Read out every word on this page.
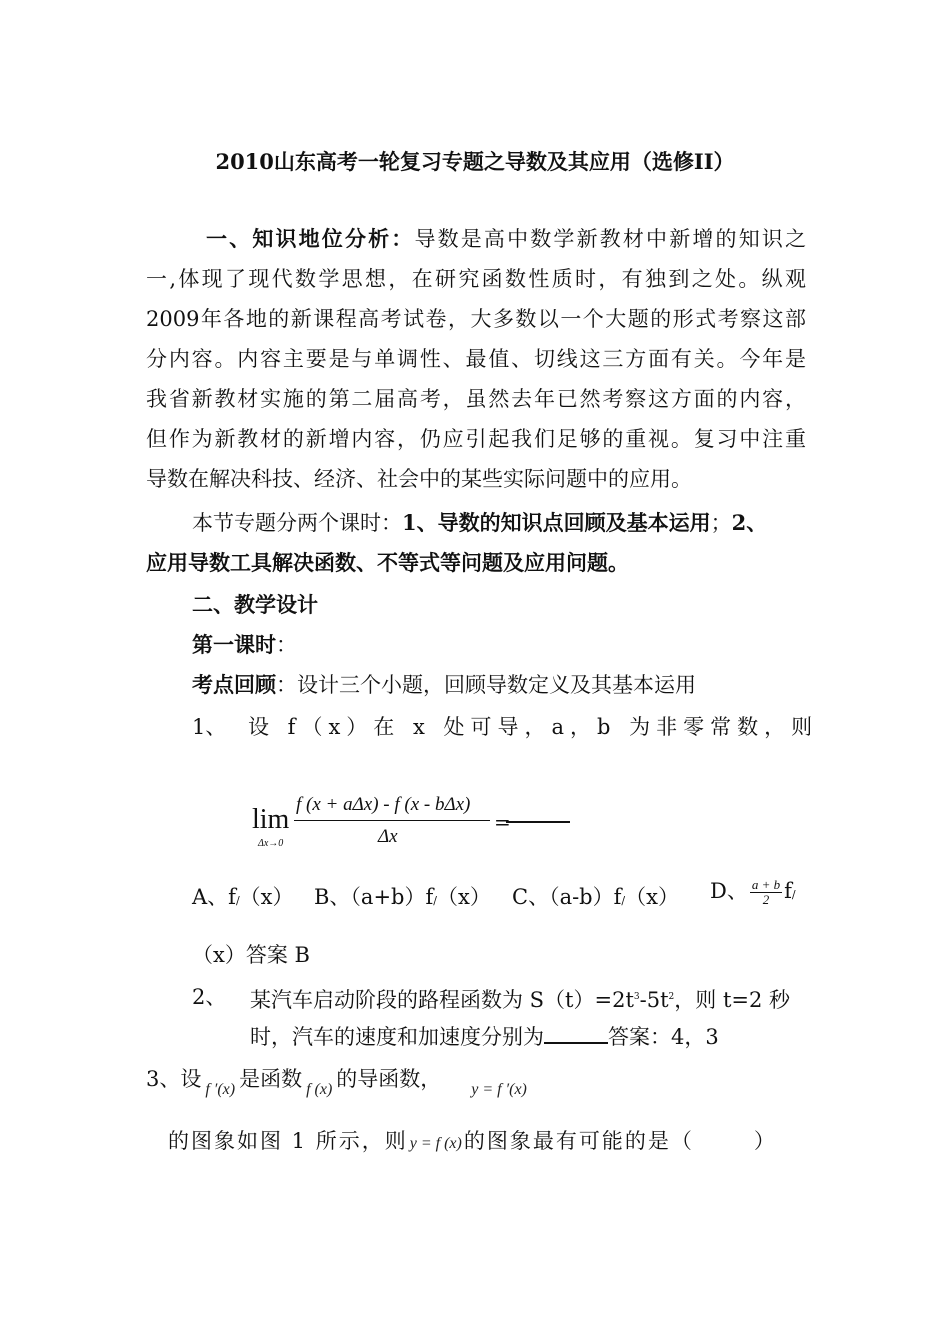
2010山东高考一轮复习专题之导数及其应用（选修II）
一、知识地位分析：导数是高中数学新教材中新增的知识之
一,体现了现代数学思想，在研究函数性质时，有独到之处。纵观
2009年各地的新课程高考试卷，大多数以一个大题的形式考察这部
分内容。内容主要是与单调性、最值、切线这三方面有关。今年是
我省新教材实施的第二届高考，虽然去年已然考察这方面的内容，
但作为新教材的新增内容，仍应引起我们足够的重视。复习中注重
导数在解决科技、经济、社会中的某些实际问题中的应用。
本节专题分两个课时：1、导数的知识点回顾及基本运用；2、
应用导数工具解决函数、不等式等问题及应用问题。
二、教学设计
第一课时：
考点回顾：设计三个小题，回顾导数定义及其基本运用
1、 设 f（x）在 x 处可导，a，b 为非零常数，则
lim
Δx→0
f (x + aΔx) - f (x - bΔx)
Δx
=
A、f/（x） B、（a+b）f/（x） C、（a-b）f/（x） D、 $\frac{a + b}{2} f/$
（x）答案 B
2、 某汽车启动阶段的路程函数为 $S(t)=2t^3-5t^2$，则 t=2 秒
时，汽车的速度和加速度分别为	答案：4，3
3、设 $_{f '(x)}$ 是函数 $_{f (x)}$ 的导函数， $_{y = f '(x)}$
的图象如图 1 所示，则 y = f (x)的图象最有可能的是（	）
